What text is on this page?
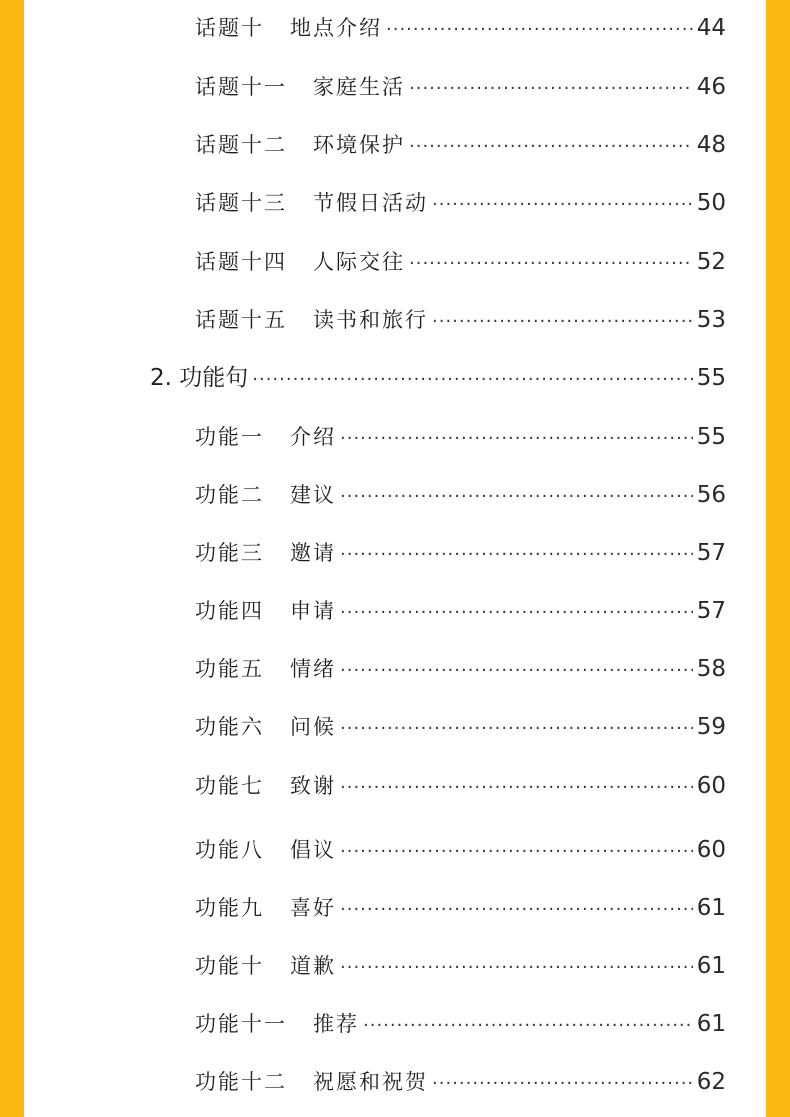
话题十 地点介绍 ·····	44
话题十一 家庭生活 ·····	46
话题十二 环境保护 ·····	48
话题十三 节假日活动 ·····	50
话题十四 人际交往 ·····	52
话题十五 读书和旅行 ·····	53
2. 功能句 ·····	55
功能一 介绍 ·····	55
功能二 建议 ·····	56
功能三 邀请 ·····	57
功能四 申请 ·····	57
功能五 情绪 ·····	58
功能六 问候 ·····	59
功能七 致谢 ·····	60
功能八 倡议 ·····	60
功能九 喜好 ·····	61
功能十 道歉 ·····	61
功能十一 推荐 ·····	61
功能十二 祝愿和祝贺 ·····	62
